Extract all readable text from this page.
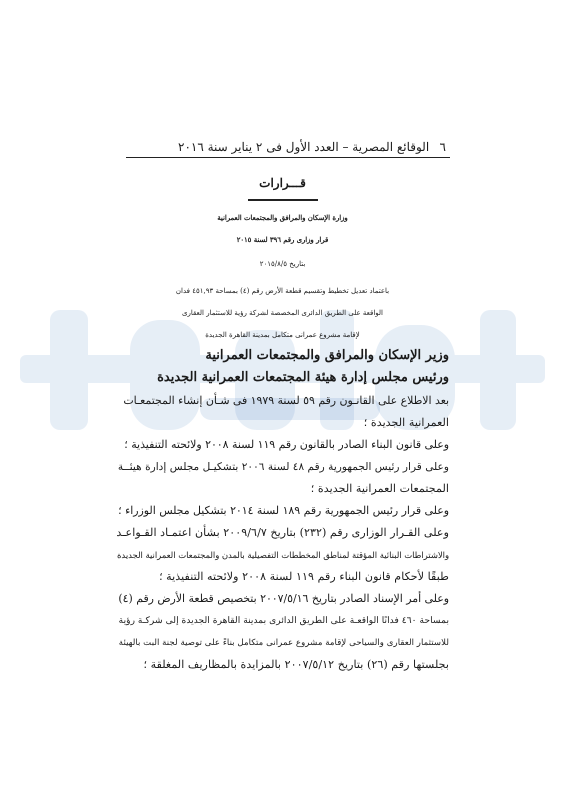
٦
الوقائع المصرية – العدد الأول فى ٢ يناير سنة ٢٠١٦
قـــرارات
وزارة الإسكان والمرافق والمجتمعات العمرانية
قرار وزارى رقم ٣٩٦ لسنة ٢٠١٥
بتاريخ ٢٠١٥/٨/٥
باعتماد تعديل تخطيط وتقسيم قطعة الأرض رقم (٤) بمساحة ٤٥١,٩٣ فدان
الواقعة على الطريق الدائرى المخصصة لشركة رؤية للاستثمار العقارى
لإقامة مشروع عمرانى متكامل بمدينة القاهرة الجديدة
وزير الإسكان والمرافق والمجتمعات العمرانية
ورئيس مجلس إدارة هيئة المجتمعات العمرانية الجديدة
بعد الاطلاع على القانـون رقم ٥٩ لسنة ١٩٧٩ فى شـأن إنشاء المجتمعـات
العمرانية الجديدة ؛
وعلى قانون البناء الصادر بالقانون رقم ١١٩ لسنة ٢٠٠٨ ولائحته التنفيذية ؛
وعلى قرار رئيس الجمهورية رقم ٤٨ لسنة ٢٠٠٦ بتشكيـل مجلس إدارة هيئــة
المجتمعات العمرانية الجديدة ؛
وعلى قرار رئيس الجمهورية رقم ١٨٩ لسنة ٢٠١٤ بتشكيل مجلس الوزراء ؛
وعلى القـرار الوزارى رقم (٢٣٢) بتاريخ ٢٠٠٩/٦/٧ بشأن اعتمـاد القـواعـد
والاشتراطات البنائية المؤقتة لمناطق المخططات التفصيلية بالمدن والمجتمعات العمرانية الجديدة
طبقًا لأحكام قانون البناء رقم ١١٩ لسنة ٢٠٠٨ ولائحته التنفيذية ؛
وعلى أمر الإسناد الصادر بتاريخ ٢٠٠٧/٥/١٦ بتخصيص قطعة الأرض رقم (٤)
بمساحة ٤٦٠ فدانًا الواقعـة على الطريق الدائرى بمدينة القاهرة الجديدة إلى شركـة رؤية
للاستثمار العقارى والسياحى لإقامة مشروع عمرانى متكامل بناءً على توصية لجنة البت بالهيئة
بجلستها رقم (٢٦) بتاريخ ٢٠٠٧/٥/١٢ بالمزايدة بالمظاريف المغلقة ؛
